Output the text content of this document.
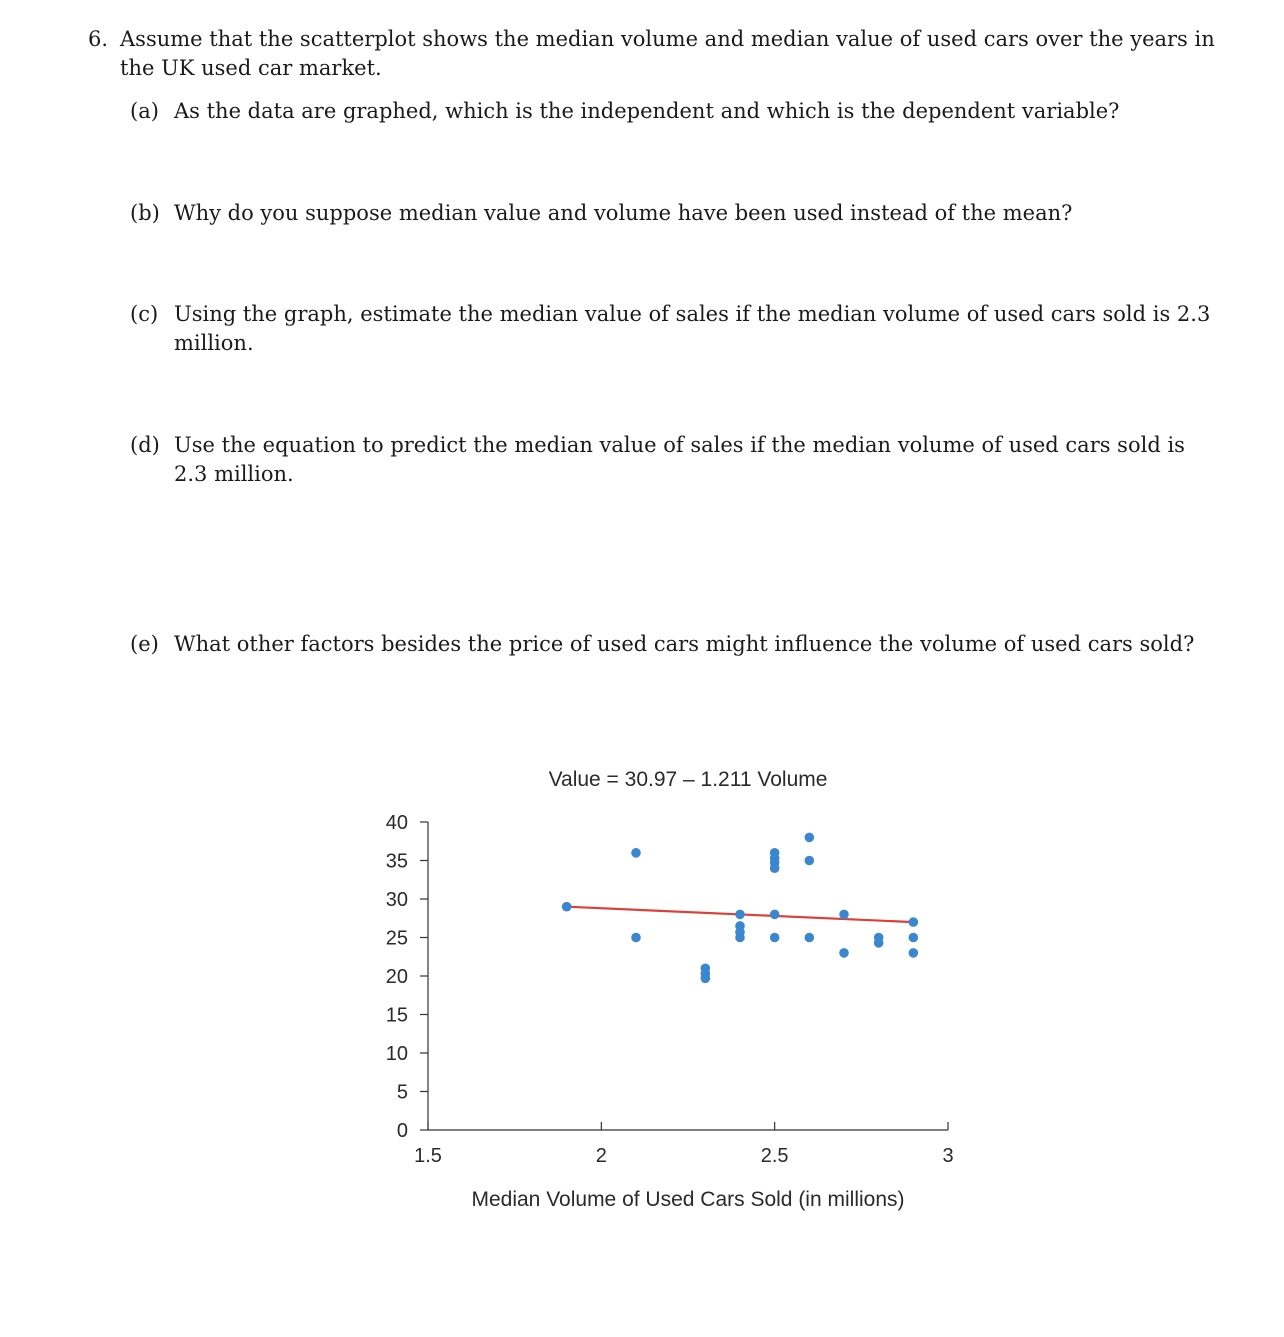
6. Assume that the scatterplot shows the median volume and median value of used cars over the years in the UK used car market.
(a) As the data are graphed, which is the independent and which is the dependent variable?
(b) Why do you suppose median value and volume have been used instead of the mean?
(c) Using the graph, estimate the median value of sales if the median volume of used cars sold is 2.3 million.
(d) Use the equation to predict the median value of sales if the median volume of used cars sold is 2.3 million.
(e) What other factors besides the price of used cars might influence the volume of used cars sold?
Value = 30.97 – 1.211 Volume
0
5
10
15
20
25
30
35
40
1.5	2	2.5	3
Median Volume of Used Cars Sold (in millions)
